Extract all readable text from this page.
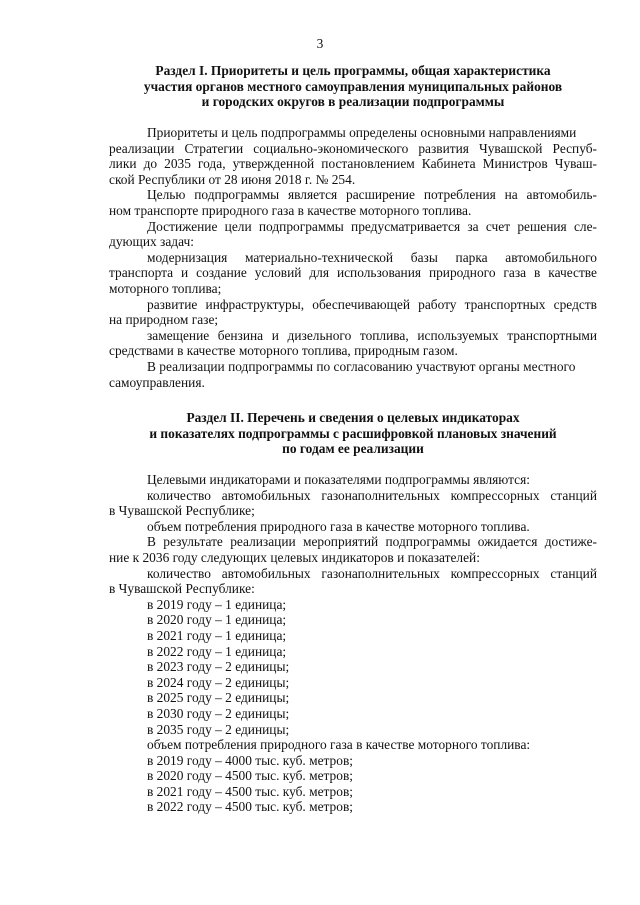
3
Раздел I. Приоритеты и цель программы, общая характеристика
участия органов местного самоуправления муниципальных районов
и городских округов в реализации подпрограммы
Приоритеты и цель подпрограммы определены основными направлениями
реализации Стратегии социально-экономического развития Чувашской Респуб-
лики до 2035 года, утвержденной постановлением Кабинета Министров Чуваш-
ской Республики от 28 июня 2018 г. № 254.
Целью подпрограммы является расширение потребления на автомобиль-
ном транспорте природного газа в качестве моторного топлива.
Достижение цели подпрограммы предусматривается за счет решения сле-
дующих задач:
модернизация материально-технической базы парка автомобильного
транспорта и создание условий для использования природного газа в качестве
моторного топлива;
развитие инфраструктуры, обеспечивающей работу транспортных средств
на природном газе;
замещение бензина и дизельного топлива, используемых транспортными
средствами в качестве моторного топлива, природным газом.
В реализации подпрограммы по согласованию участвуют органы местного
самоуправления.
Раздел II. Перечень и сведения о целевых индикаторах
и показателях подпрограммы с расшифровкой плановых значений
по годам ее реализации
Целевыми индикаторами и показателями подпрограммы являются:
количество автомобильных газонаполнительных компрессорных станций
в Чувашской Республике;
объем потребления природного газа в качестве моторного топлива.
В результате реализации мероприятий подпрограммы ожидается достиже-
ние к 2036 году следующих целевых индикаторов и показателей:
количество автомобильных газонаполнительных компрессорных станций
в Чувашской Республике:
в 2019 году – 1 единица;
в 2020 году – 1 единица;
в 2021 году – 1 единица;
в 2022 году – 1 единица;
в 2023 году – 2 единицы;
в 2024 году – 2 единицы;
в 2025 году – 2 единицы;
в 2030 году – 2 единицы;
в 2035 году – 2 единицы;
объем потребления природного газа в качестве моторного топлива:
в 2019 году – 4000 тыс. куб. метров;
в 2020 году – 4500 тыс. куб. метров;
в 2021 году – 4500 тыс. куб. метров;
в 2022 году – 4500 тыс. куб. метров;
